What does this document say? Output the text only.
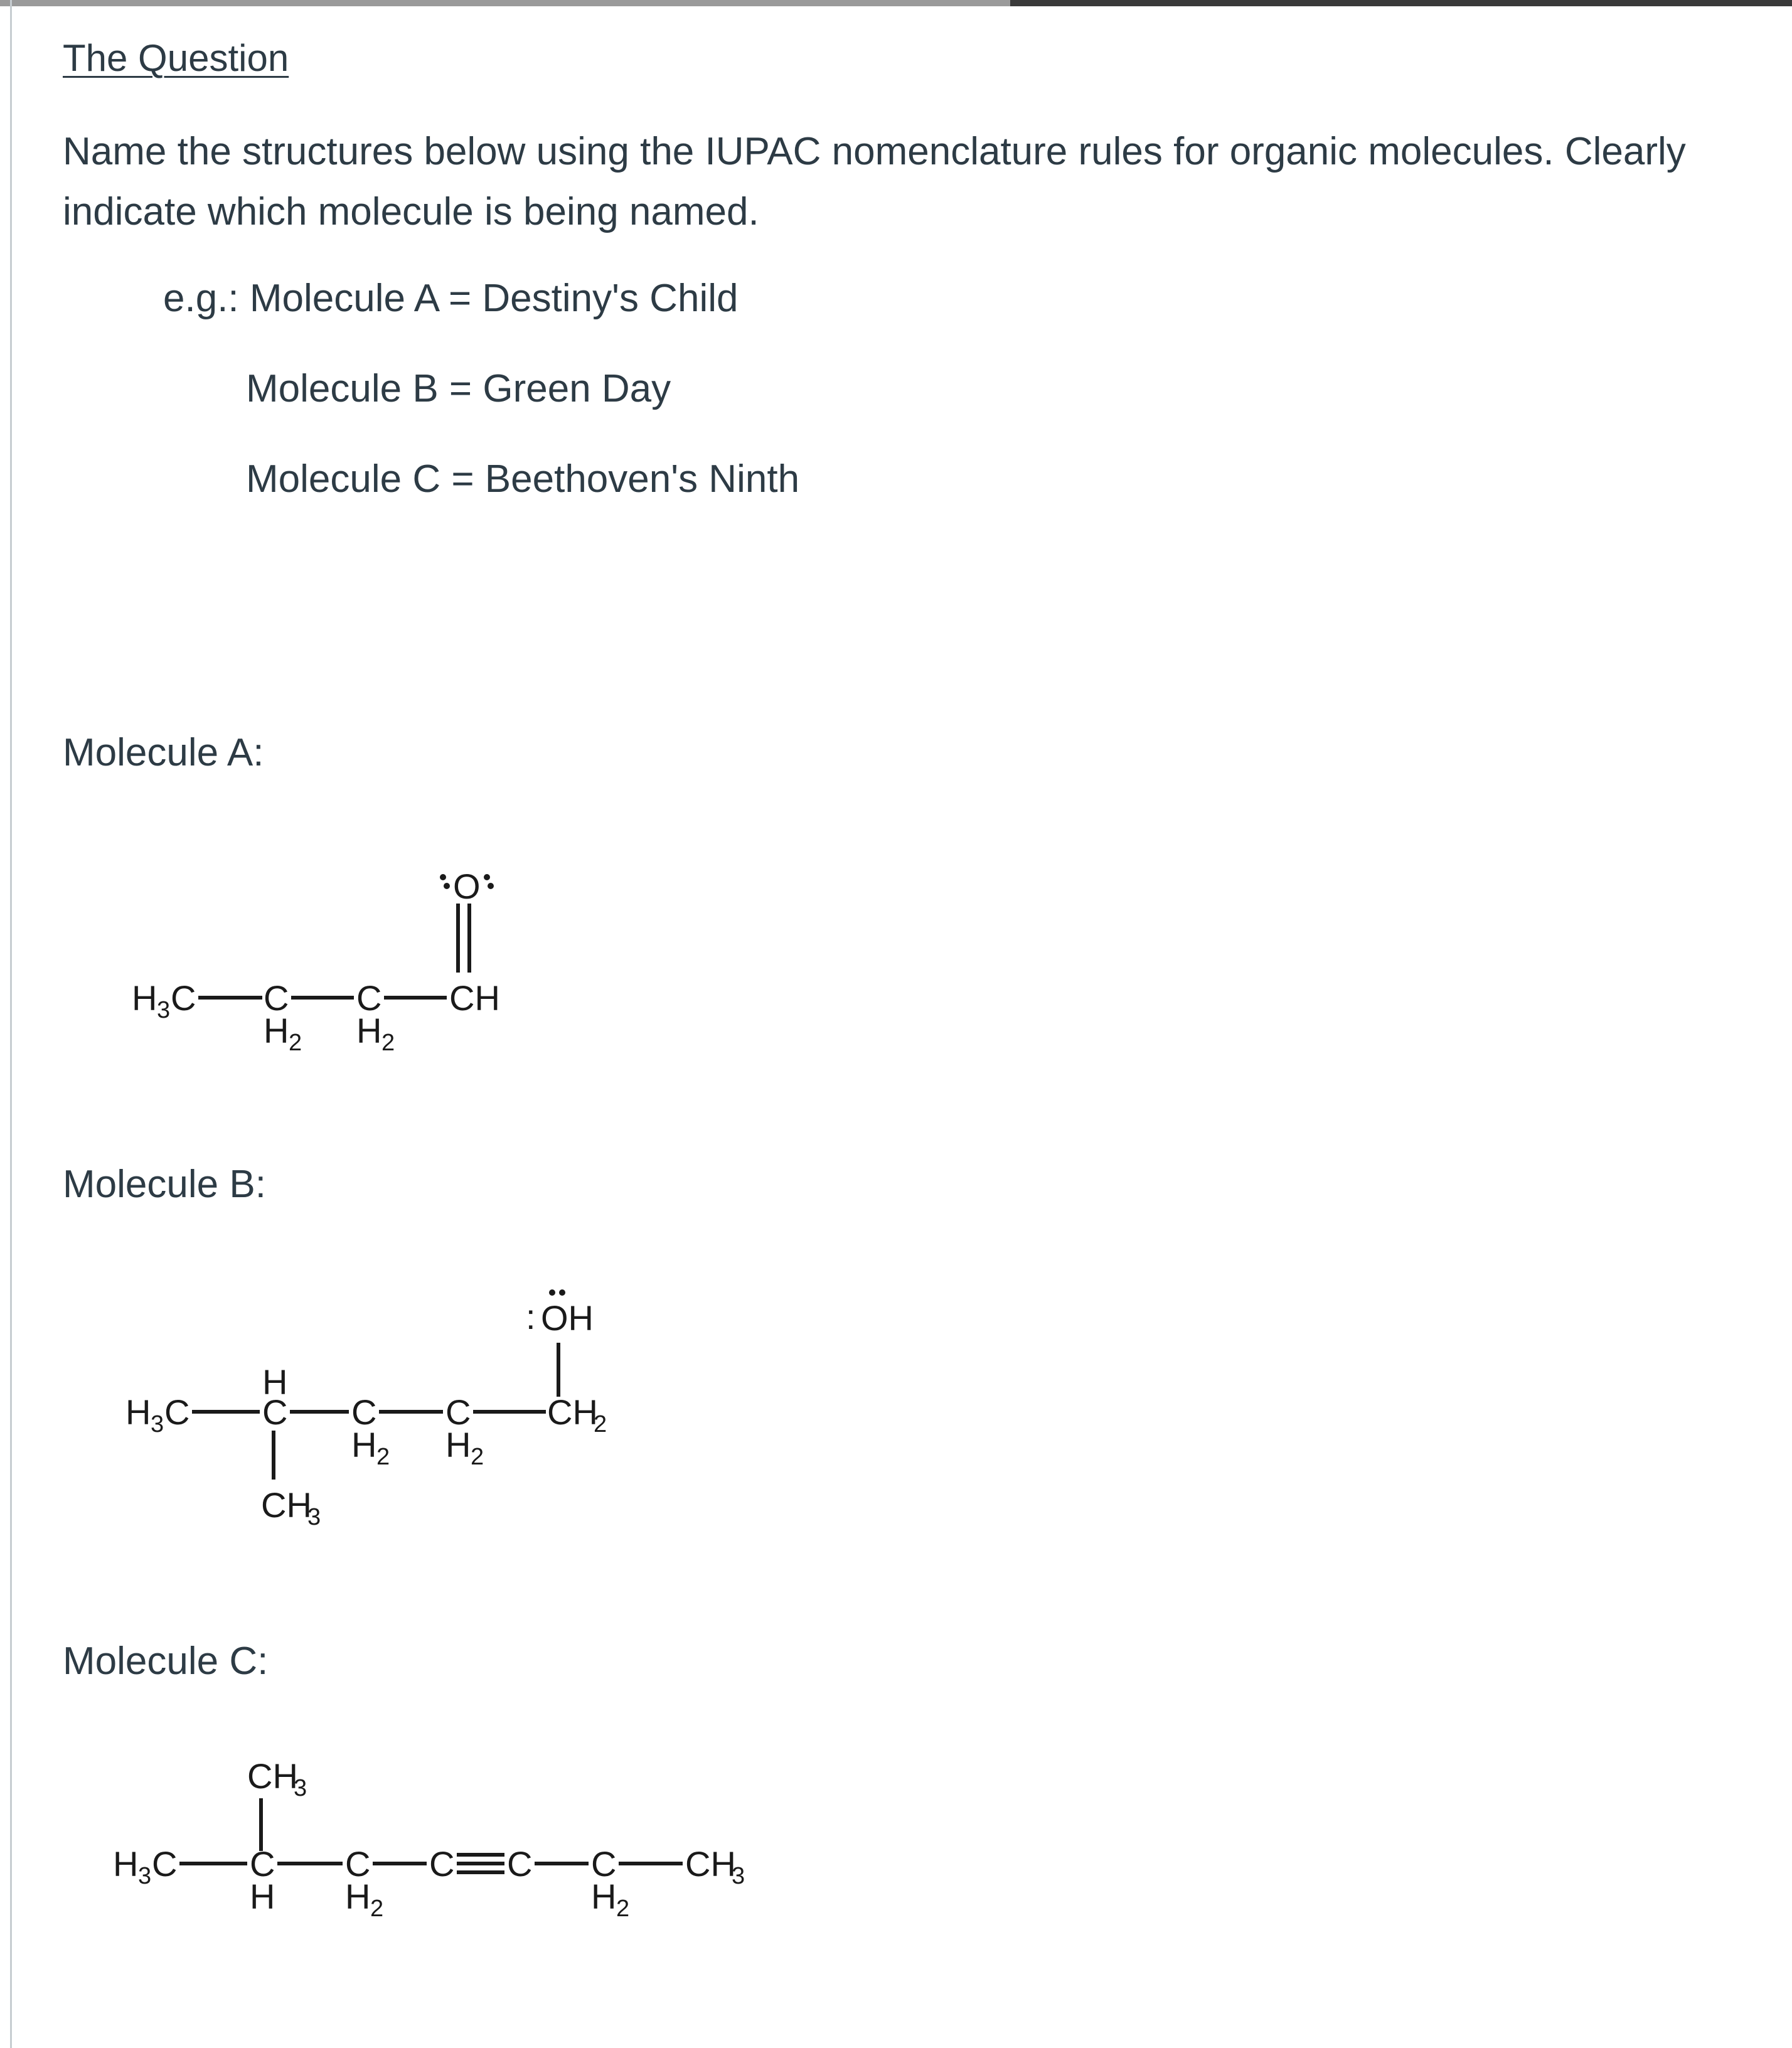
The Question
Name the structures below using the IUPAC nomenclature rules for organic molecules. Clearly indicate which molecule is being named.
e.g.: Molecule A = Destiny's Child
Molecule B = Green Day
Molecule C = Beethoven's Ninth
Molecule A:
H 3 C C
H 2
C
H 2
CH
O
Molecule B:
H 3 C
H
C
CH
3
C
H 2
C
H 2
CH
2
OH
:
Molecule C:
CH
3
H 3 C C
H
C
H 2
C C C
H 2
CH
3
